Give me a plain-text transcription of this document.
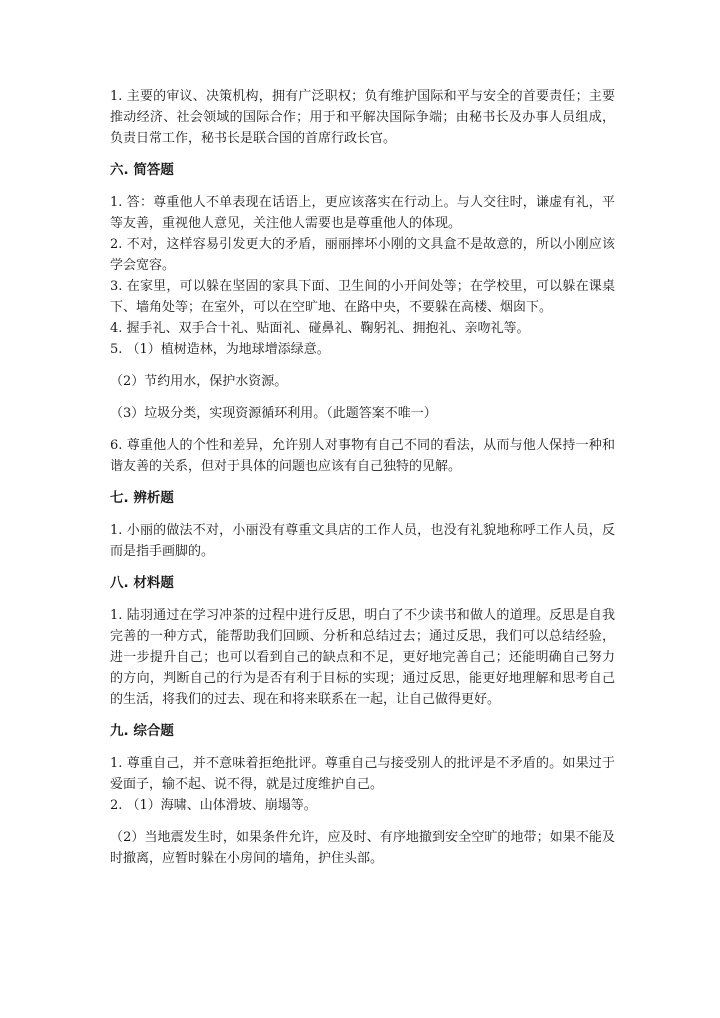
1. 主要的审议、决策机构，拥有广泛职权；负有维护国际和平与安全的首要责任；主要推动经济、社会领域的国际合作；用于和平解决国际争端；由秘书长及办事人员组成，负责日常工作，秘书长是联合国的首席行政长官。

六. 简答题

1. 答：尊重他人不单表现在话语上，更应该落实在行动上。与人交往时，谦虚有礼，平等友善，重视他人意见，关注他人需要也是尊重他人的体现。

2. 不对，这样容易引发更大的矛盾，丽丽摔坏小刚的文具盒不是故意的，所以小刚应该学会宽容。

3. 在家里，可以躲在坚固的家具下面、卫生间的小开间处等；在学校里，可以躲在课桌下、墙角处等；在室外，可以在空旷地、在路中央，不要躲在高楼、烟囱下。

4. 握手礼、双手合十礼、贴面礼、碰鼻礼、鞠躬礼、拥抱礼、亲吻礼等。

5. （1）植树造林，为地球增添绿意。

（2）节约用水，保护水资源。

（3）垃圾分类，实现资源循环利用。（此题答案不唯一）

6. 尊重他人的个性和差异，允许别人对事物有自己不同的看法，从而与他人保持一种和谐友善的关系，但对于具体的问题也应该有自己独特的见解。

七. 辨析题

1. 小丽的做法不对，小丽没有尊重文具店的工作人员，也没有礼貌地称呼工作人员，反而是指手画脚的。

八. 材料题

1. 陆羽通过在学习冲茶的过程中进行反思，明白了不少读书和做人的道理。反思是自我完善的一种方式，能帮助我们回顾、分析和总结过去；通过反思，我们可以总结经验，进一步提升自己；也可以看到自己的缺点和不足，更好地完善自己；还能明确自己努力的方向，判断自己的行为是否有利于目标的实现；通过反思，能更好地理解和思考自己的生活，将我们的过去、现在和将来联系在一起，让自己做得更好。

九. 综合题

1. 尊重自己，并不意味着拒绝批评。尊重自己与接受别人的批评是不矛盾的。如果过于爱面子，输不起、说不得，就是过度维护自己。

2. （1）海啸、山体滑坡、崩塌等。

（2）当地震发生时，如果条件允许，应及时、有序地撤到安全空旷的地带；如果不能及时撤离，应暂时躲在小房间的墙角，护住头部。
